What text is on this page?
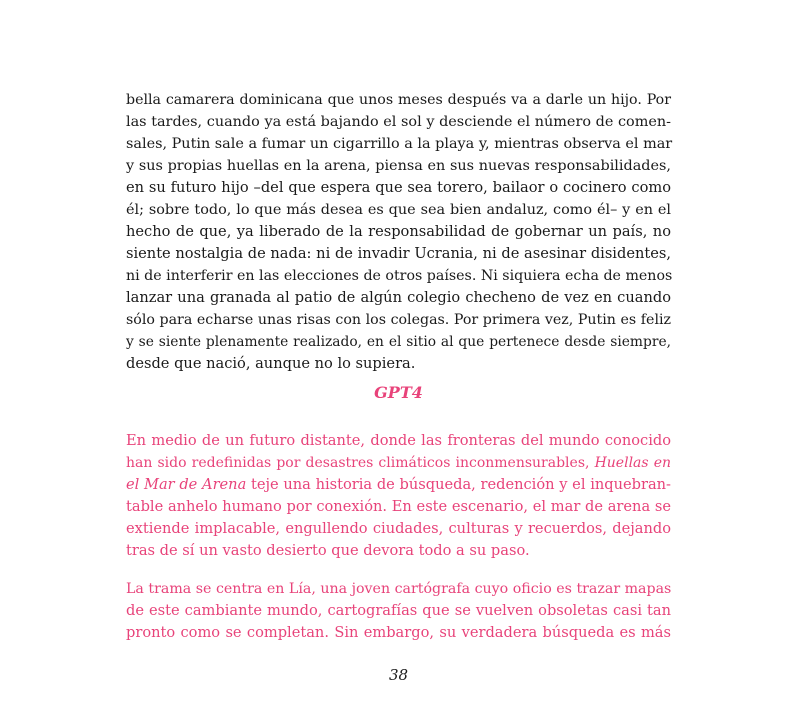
bella camarera dominicana que unos meses después va a darle un hijo. Por

las tardes, cuando ya está bajando el sol y desciende el número de comen-

sales, Putin sale a fumar un cigarrillo a la playa y, mientras observa el mar

y sus propias huellas en la arena, piensa en sus nuevas responsabilidades,

en su futuro hijo –del que espera que sea torero, bailaor o cocinero como

él; sobre todo, lo que más desea es que sea bien andaluz, como él– y en el

hecho de que, ya liberado de la responsabilidad de gobernar un país, no

siente nostalgia de nada: ni de invadir Ucrania, ni de asesinar disidentes,

ni de interferir en las elecciones de otros países. Ni siquiera echa de menos

lanzar una granada al patio de algún colegio checheno de vez en cuando

sólo para echarse unas risas con los colegas. Por primera vez, Putin es feliz

y se siente plenamente realizado, en el sitio al que pertenece desde siempre,

desde que nació, aunque no lo supiera.

GPT4

En medio de un futuro distante, donde las fronteras del mundo conocido

han sido redefinidas por desastres climáticos inconmensurables, Huellas en

el Mar de Arena teje una historia de búsqueda, redención y el inquebran-

table anhelo humano por conexión. En este escenario, el mar de arena se

extiende implacable, engullendo ciudades, culturas y recuerdos, dejando

tras de sí un vasto desierto que devora todo a su paso.

La trama se centra en Lía, una joven cartógrafa cuyo oficio es trazar mapas

de este cambiante mundo, cartografías que se vuelven obsoletas casi tan

pronto como se completan. Sin embargo, su verdadera búsqueda es más

38
